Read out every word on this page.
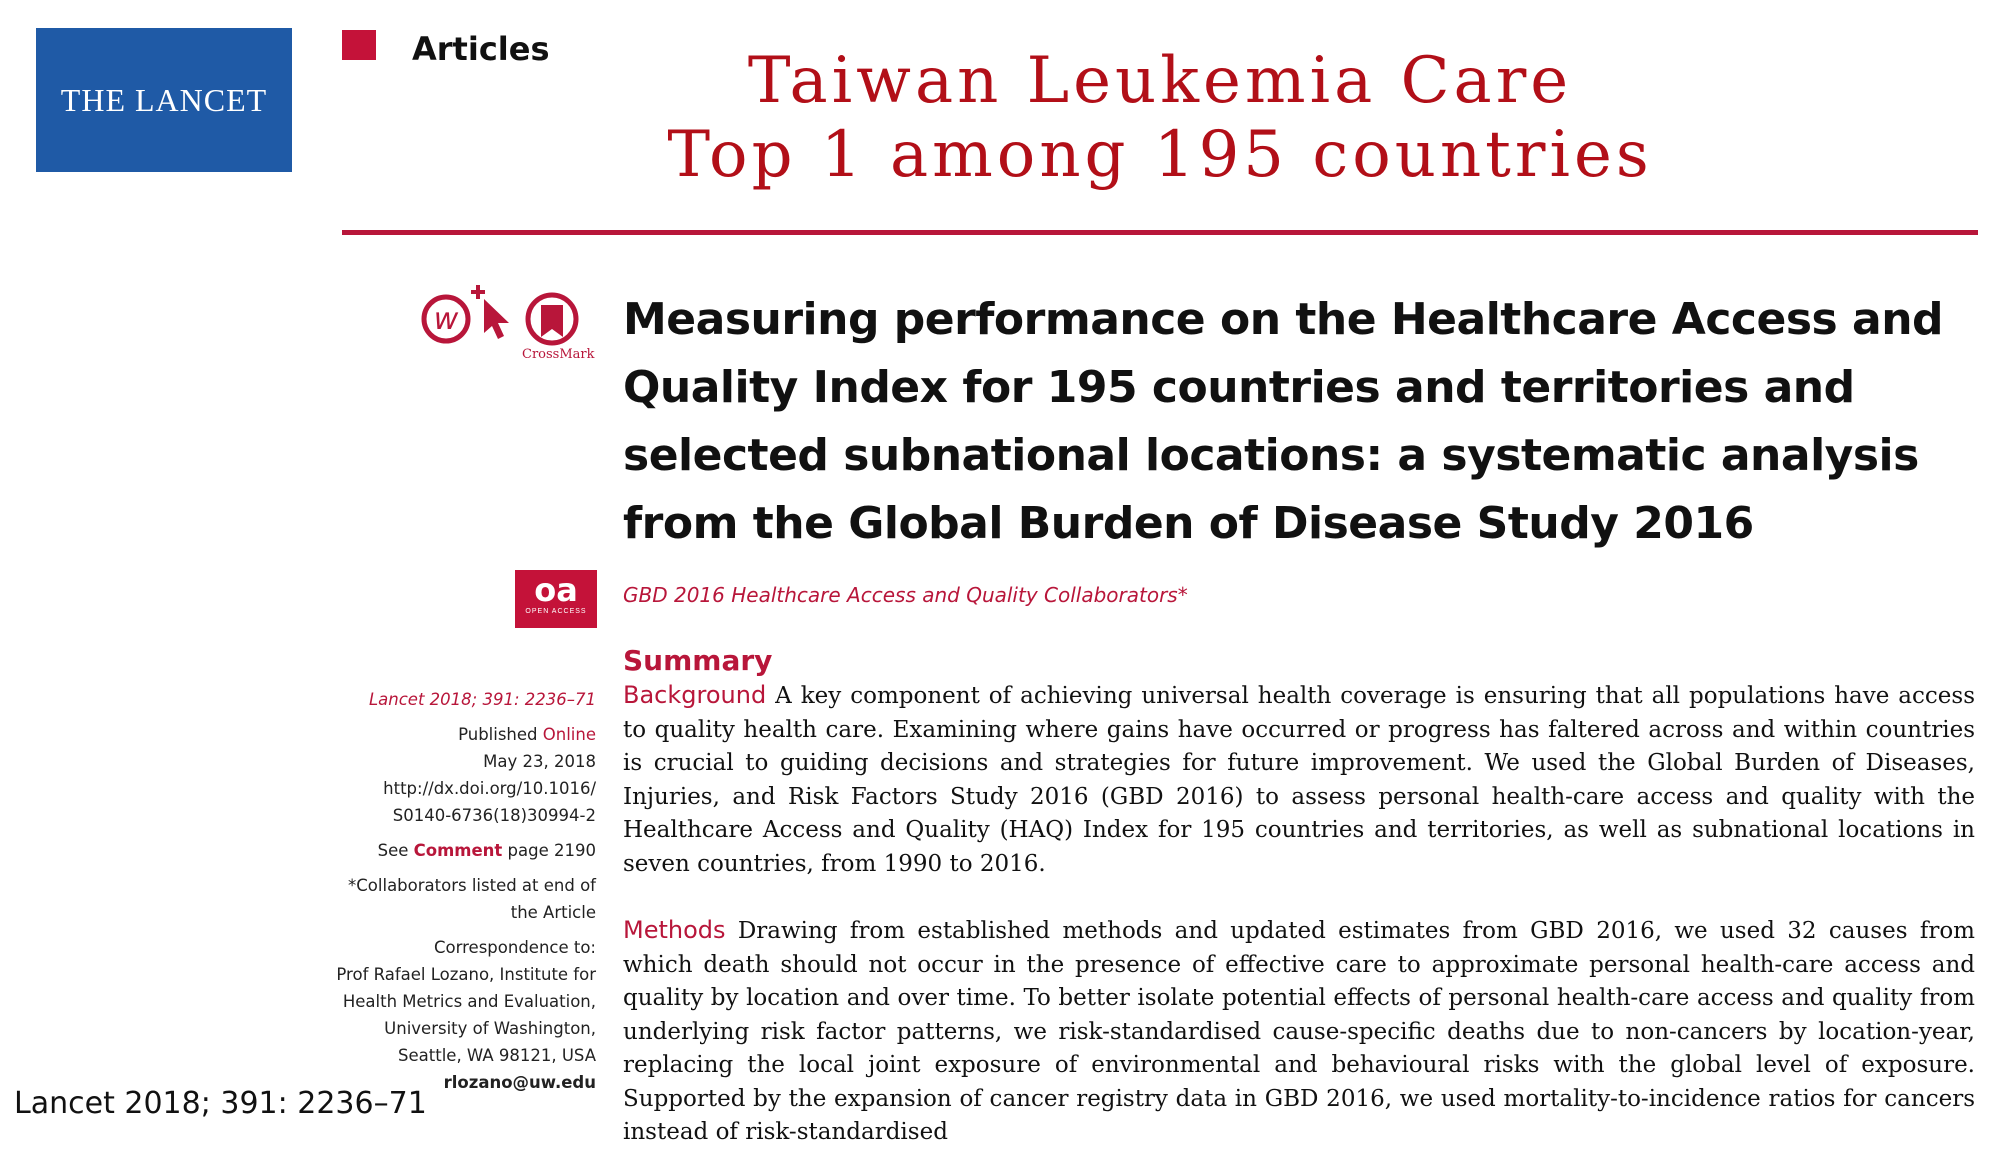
THE LANCET
Articles	Taiwan Leukemia Care
Top 1 among 195 countries
w
CrossMark
Measuring performance on the Healthcare Access and Quality Index for 195 countries and territories and selected subnational locations: a systematic analysis from the Global Burden of Disease Study 2016
oa
OPEN ACCESS
GBD 2016 Healthcare Access and Quality Collaborators*
Summary
Lancet 2018; 391: 2236–71
Published Online
May 23, 2018
http://dx.doi.org/10.1016/
S0140-6736(18)30994-2
See Comment page 2190
*Collaborators listed at end of
the Article
Correspondence to:
Prof Rafael Lozano, Institute for
Health Metrics and Evaluation,
University of Washington,
Seattle, WA 98121, USA
rlozano@uw.edu
Background A key component of achieving universal health coverage is ensuring that all populations have access to quality health care. Examining where gains have occurred or progress has faltered across and within countries is crucial to guiding decisions and strategies for future improvement. We used the Global Burden of Diseases, Injuries, and Risk Factors Study 2016 (GBD 2016) to assess personal health-care access and quality with the Healthcare Access and Quality (HAQ) Index for 195 countries and territories, as well as subnational locations in seven countries, from 1990 to 2016.
Methods Drawing from established methods and updated estimates from GBD 2016, we used 32 causes from which death should not occur in the presence of effective care to approximate personal health-care access and quality by location and over time. To better isolate potential effects of personal health-care access and quality from underlying risk factor patterns, we risk-standardised cause-specific deaths due to non-cancers by location-year, replacing the local joint exposure of environmental and behavioural risks with the global level of exposure. Supported by the expansion of cancer registry data in GBD 2016, we used mortality-to-incidence ratios for cancers instead of risk-standardised
Lancet 2018; 391: 2236–71
